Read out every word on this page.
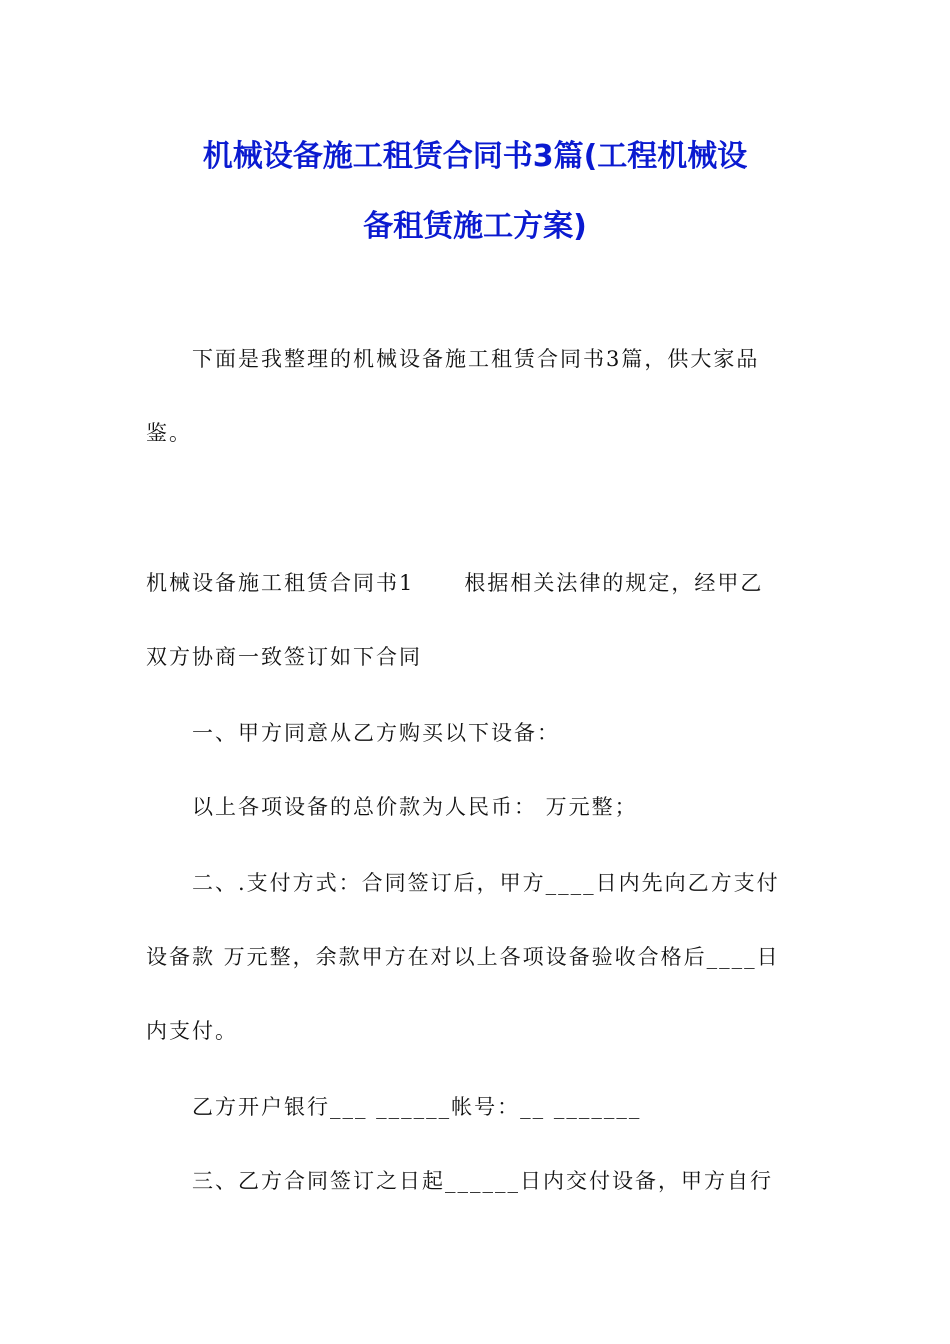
机械设备施工租赁合同书3篇(工程机械设
备租赁施工方案)

下面是我整理的机械设备施工租赁合同书3篇，供大家品
鉴。

机械设备施工租赁合同书1 根据相关法律的规定，经甲乙
双方协商一致签订如下合同

一、甲方同意从乙方购买以下设备：

以上各项设备的总价款为人民币： 万元整；

二、.支付方式：合同签订后，甲方____日内先向乙方支付
设备款 万元整，余款甲方在对以上各项设备验收合格后____日
内支付。

乙方开户银行___ ______帐号：__ _______

三、乙方合同签订之日起______日内交付设备，甲方自行
